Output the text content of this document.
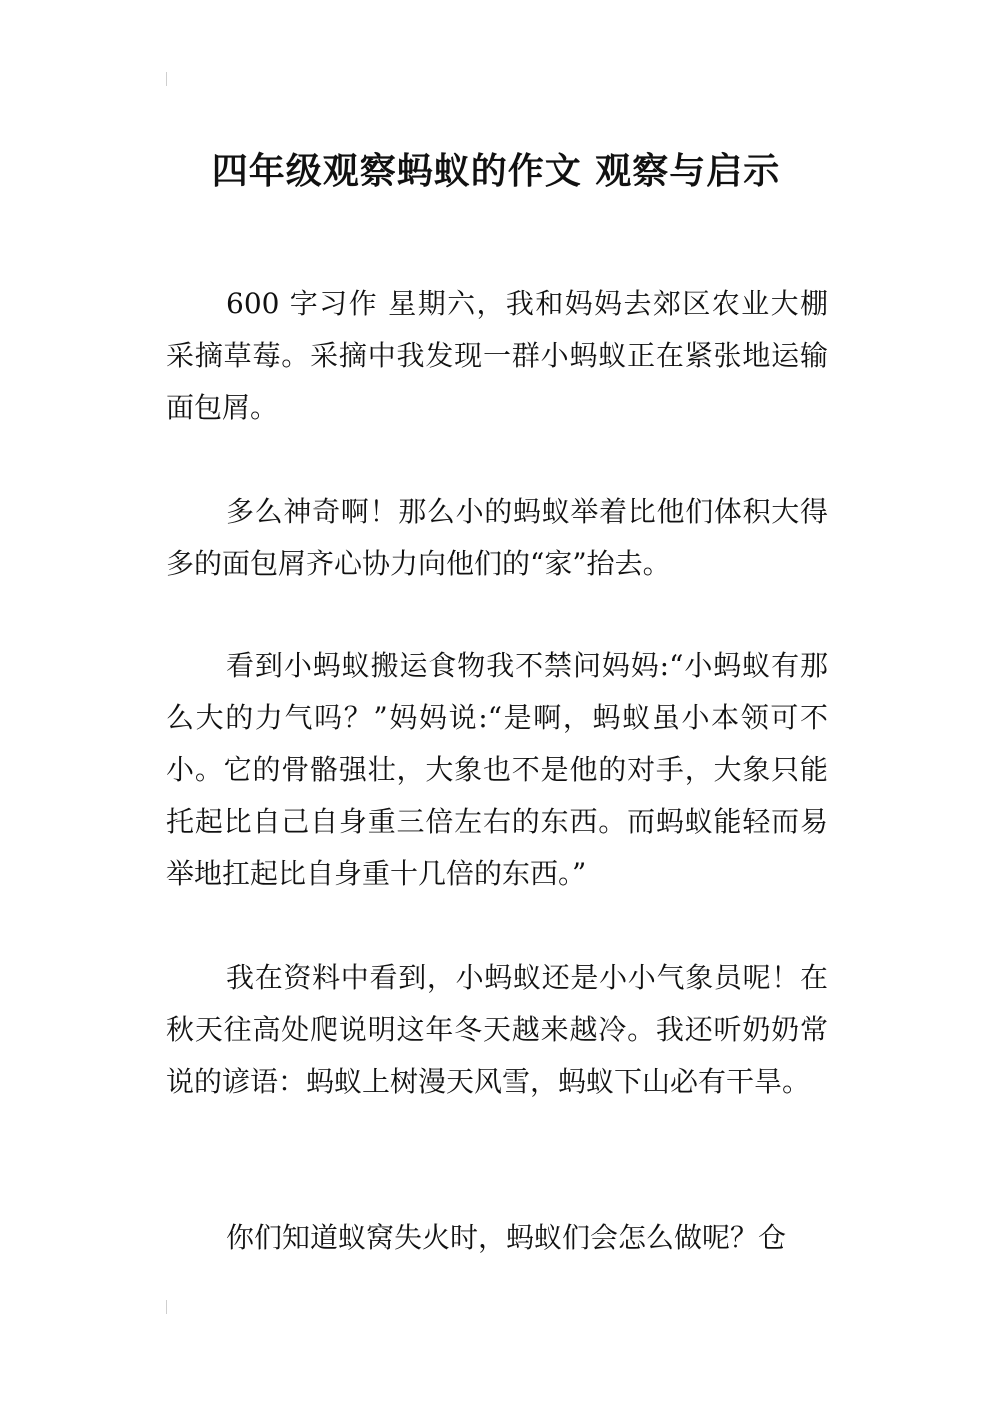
四年级观察蚂蚁的作文 观察与启示

600 字习作 星期六，我和妈妈去郊区农业大棚采摘草莓。采摘中我发现一群小蚂蚁正在紧张地运输面包屑。

多么神奇啊！那么小的蚂蚁举着比他们体积大得多的面包屑齐心协力向他们的“家”抬去。

看到小蚂蚁搬运食物我不禁问妈妈:“小蚂蚁有那么大的力气吗？”妈妈说:“是啊，蚂蚁虽小本领可不小。它的骨骼强壮，大象也不是他的对手，大象只能托起比自己自身重三倍左右的东西。而蚂蚁能轻而易举地扛起比自身重十几倍的东西。”

我在资料中看到，小蚂蚁还是小小气象员呢！在秋天往高处爬说明这年冬天越来越冷。我还听奶奶常说的谚语：蚂蚁上树漫天风雪，蚂蚁下山必有干旱。

你们知道蚁窝失火时，蚂蚁们会怎么做呢？仓
